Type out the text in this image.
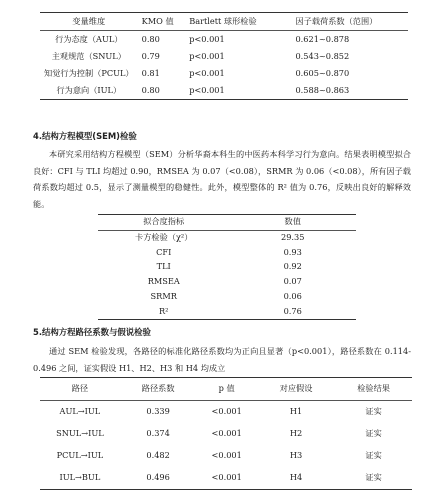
变量维度	KMO 值	Bartlett 球形检验	因子载荷系数（范围）
行为态度（AUL）	0.80	p<0.001	0.621~0.878
主观规范（SNUL）	0.79	p<0.001	0.543~0.852
知觉行为控制（PCUL）	0.81	p<0.001	0.605~0.870
行为意向（IUL）	0.80	p<0.001	0.588~0.863
4.结构方程模型(SEM)检验
本研究采用结构方程模型（SEM）分析华裔本科生的中医药本科学习行为意向。结果表明模型拟合良好：CFI 与 TLI 均超过 0.90，RMSEA 为 0.07（<0.08），SRMR 为 0.06（<0.08），所有因子载荷系数均超过 0.5，显示了测量模型的稳健性。此外，模型整体的 R² 值为 0.76，反映出良好的解释效能。
拟合度指标	数值
卡方检验（χ²）	29.35
CFI	0.93
TLI	0.92
RMSEA	0.07
SRMR	0.06
R²	0.76
5.结构方程路径系数与假说检验
通过 SEM 检验发现，各路径的标准化路径系数均为正向且显著（p<0.001），路径系数在 0.114-0.496 之间，证实假设 H1、H2、H3 和 H4 均成立
路径	路径系数	p 值	对应假设	检验结果
AUL→IUL	0.339	<0.001	H1	证实
SNUL→IUL	0.374	<0.001	H2	证实
PCUL→IUL	0.482	<0.001	H3	证实
IUL→BUL	0.496	<0.001	H4	证实
